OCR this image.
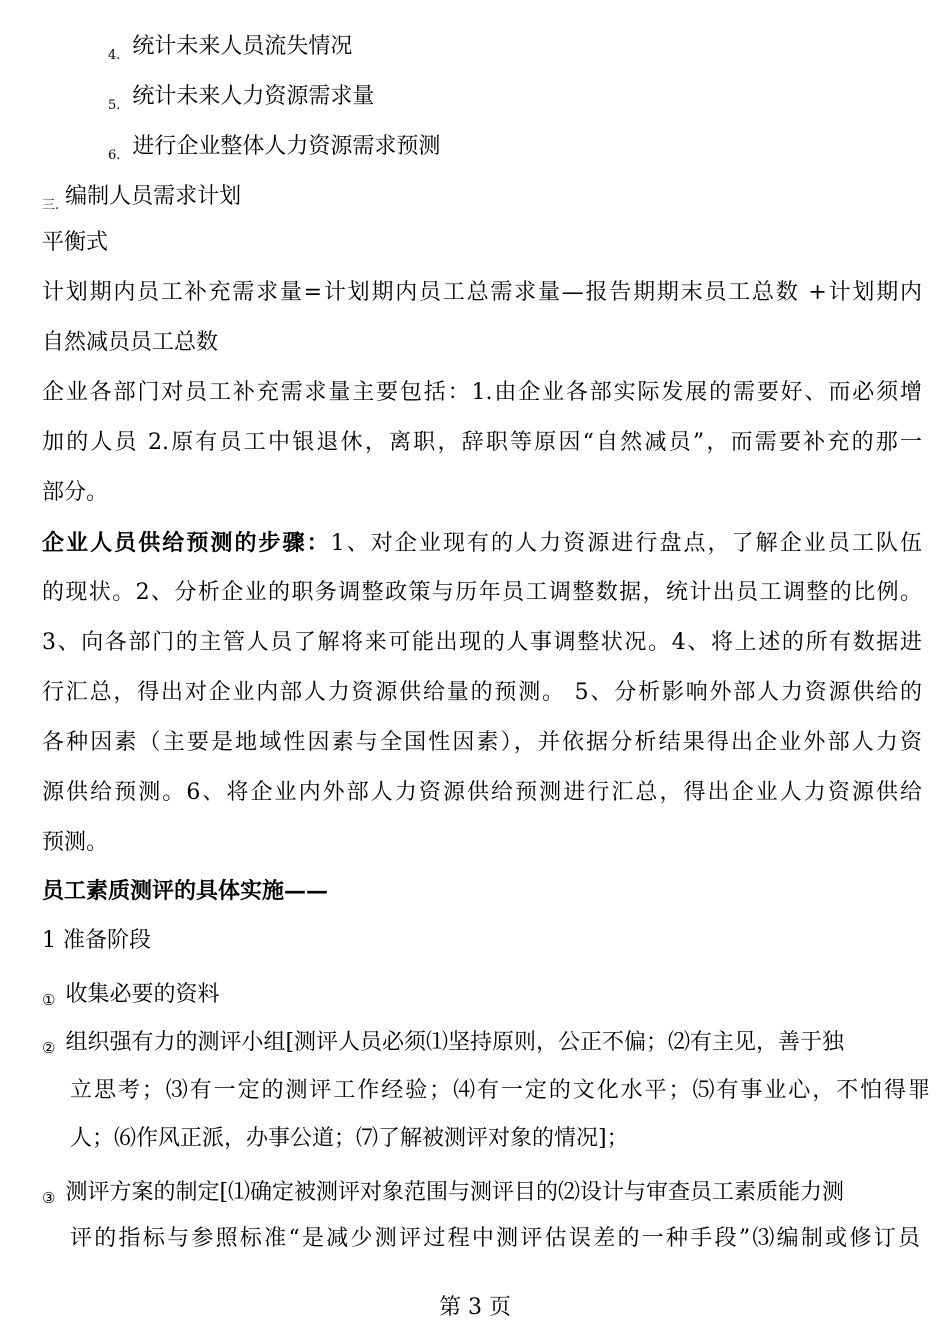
$_{4.}$ 统计未来人员流失情况
$_{5.}$ 统计未来人力资源需求量
$_{6.}$ 进行企业整体人力资源需求预测
$_{三.}$ 编制人员需求计划
平衡式
计划期内员工补充需求量=计划期内员工总需求量—报告期期末员工总数 +计划期内
自然减员员工总数
企业各部门对员工补充需求量主要包括：1.由企业各部实际发展的需要好、而必须增
加的人员 2.原有员工中银退休，离职，辞职等原因“自然减员”，而需要补充的那一
部分。
企业人员供给预测的步骤：1、对企业现有的人力资源进行盘点，了解企业员工队伍
的现状。2、分析企业的职务调整政策与历年员工调整数据，统计出员工调整的比例。
3、向各部门的主管人员了解将来可能出现的人事调整状况。4、将上述的所有数据进
行汇总，得出对企业内部人力资源供给量的预测。 5、分析影响外部人力资源供给的
各种因素（主要是地域性因素与全国性因素），并依据分析结果得出企业外部人力资
源供给预测。6、将企业内外部人力资源供给预测进行汇总，得出企业人力资源供给
预测。
员工素质测评的具体实施——
1 准备阶段
① 收集必要的资料
② 组织强有力的测评小组[测评人员必须⑴坚持原则，公正不偏；⑵有主见，善于独
立思考；⑶有一定的测评工作经验；⑷有一定的文化水平；⑸有事业心，不怕得罪
人；⑹作风正派，办事公道；⑺了解被测评对象的情况]；
③ 测评方案的制定[⑴确定被测评对象范围与测评目的⑵设计与审查员工素质能力测
评的指标与参照标准“是减少测评过程中测评估误差的一种手段”⑶编制或修订员
第 3 页
